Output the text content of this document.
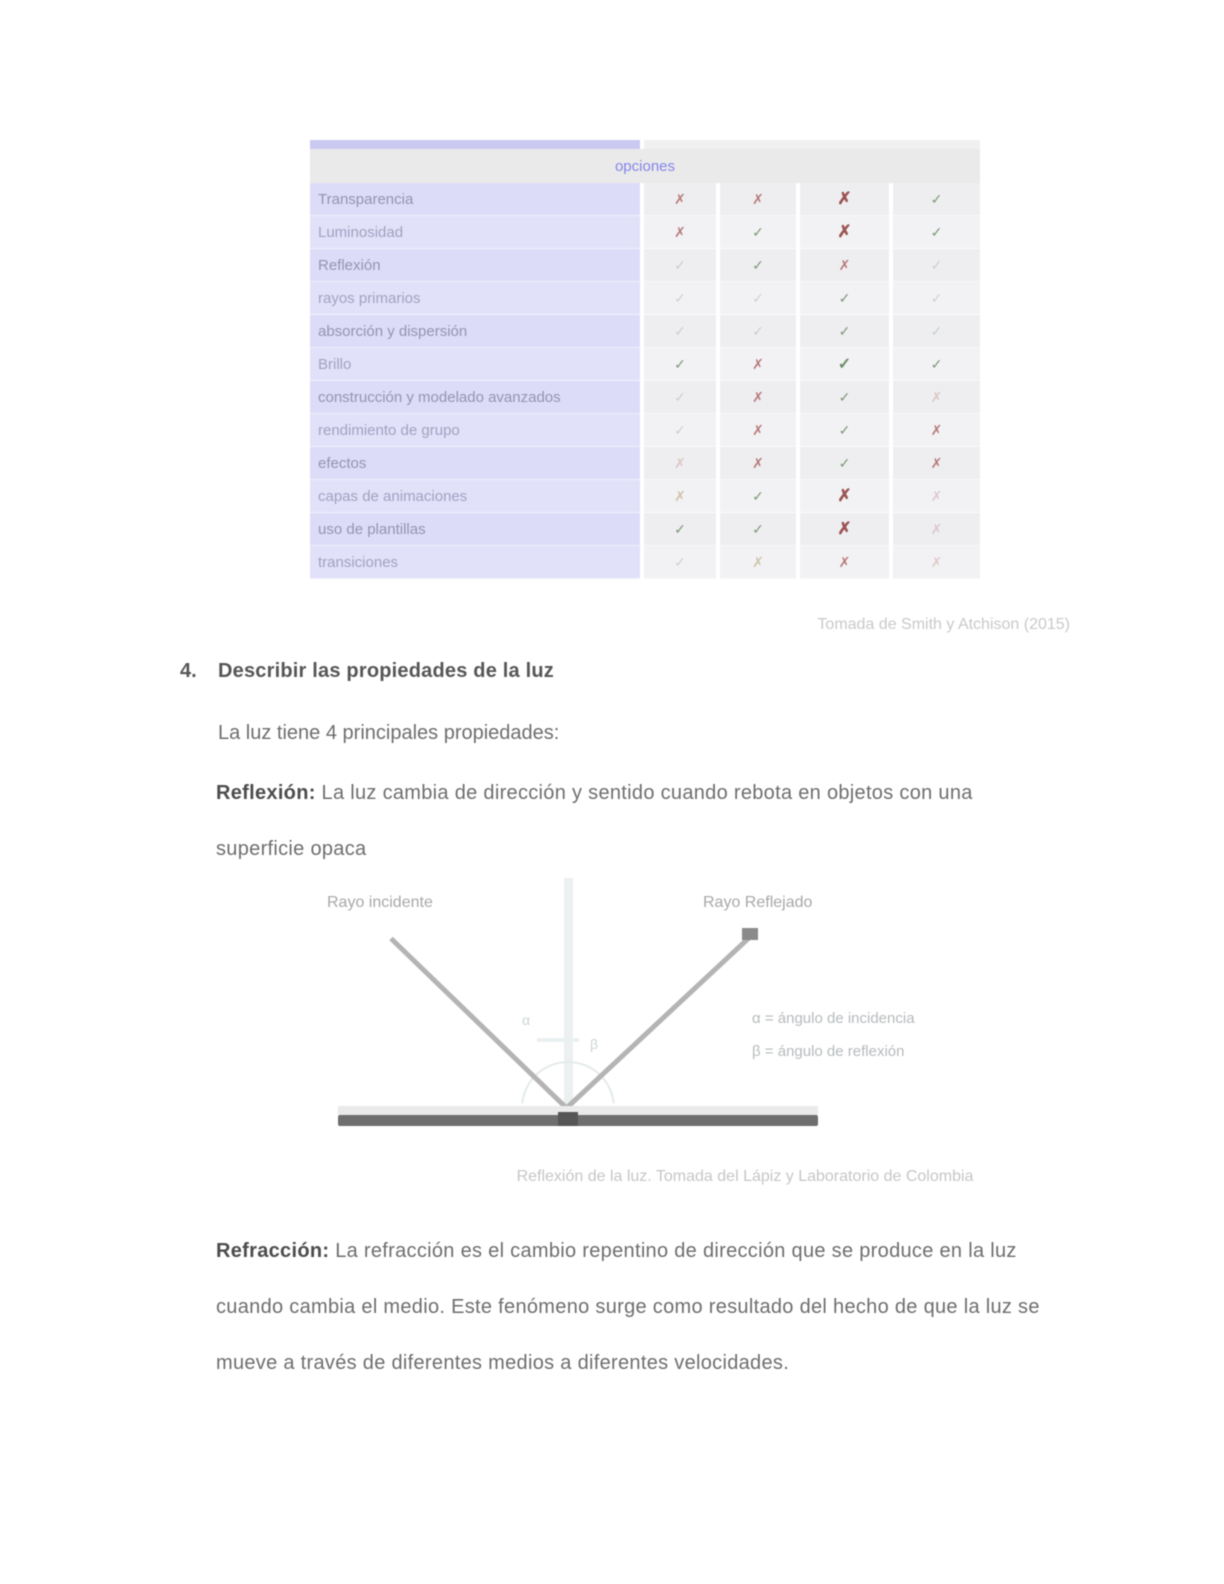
opciones
Transparencia	✗	✗	✗	✓
Luminosidad	✗	✓	✗	✓
Reflexión	✓	✓	✗	✓
rayos primarios	✓	✓	✓	✓
absorción y dispersión	✓	✓	✓	✓
Brillo	✓	✗	✓	✓
construcción y modelado avanzados	✓	✗	✓	✗
rendimiento de grupo	✓	✗	✓	✗
efectos	✗	✗	✓	✗
capas de animaciones	✗	✓	✗	✗
uso de plantillas	✓	✓	✗	✗
transiciones	✓	✗	✗	✗
Tomada de Smith y Atchison (2015)
4. Describir las propiedades de la luz
La luz tiene 4 principales propiedades:
Reflexión: La luz cambia de dirección y sentido cuando rebota en objetos con una
superficie opaca
Rayo incidente	Rayo Reflejado
α
β
α = ángulo de incidencia
β = ángulo de reflexión
Reflexión de la luz. Tomada del Lápiz y Laboratorio de Colombia
Refracción: La refracción es el cambio repentino de dirección que se produce en la luz
cuando cambia el medio. Este fenómeno surge como resultado del hecho de que la luz se
mueve a través de diferentes medios a diferentes velocidades.
